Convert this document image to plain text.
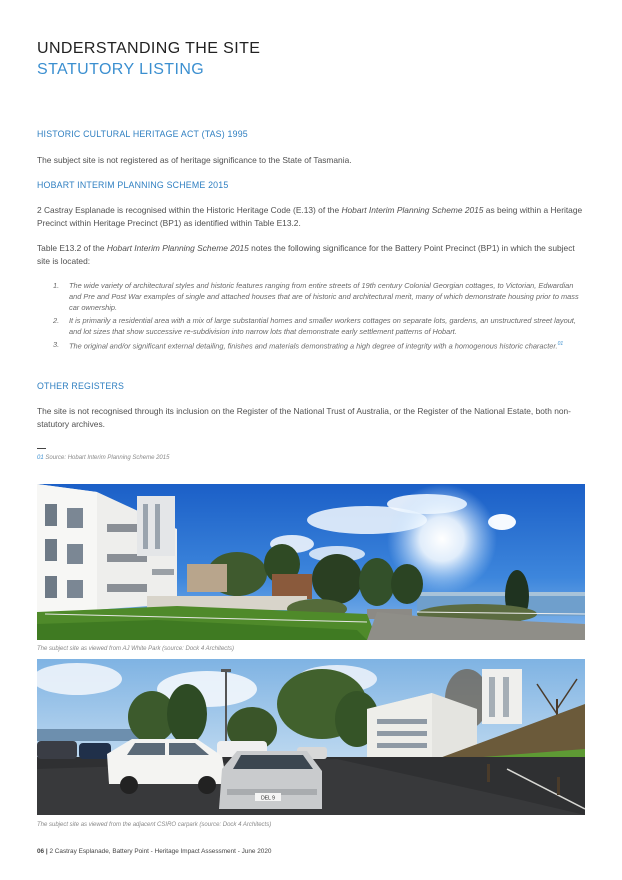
UNDERSTANDING THE SITE
STATUTORY LISTING
HISTORIC CULTURAL HERITAGE ACT (TAS) 1995
The subject site is not registered as of heritage significance to the State of Tasmania.
HOBART INTERIM PLANNING SCHEME 2015
2 Castray Esplanade is recognised within the Historic Heritage Code (E.13) of the Hobart Interim Planning Scheme 2015 as being within a Heritage Precinct within Heritage Precinct (BP1) as identified within Table E13.2.
Table E13.2 of the Hobart Interim Planning Scheme 2015 notes the following significance for the Battery Point Precinct (BP1) in which the subject site is located:
1. The wide variety of architectural styles and historic features ranging from entire streets of 19th century Colonial Georgian cottages, to Victorian, Edwardian and Pre and Post War examples of single and attached houses that are of historic and architectural merit, many of which demonstrate housing prior to mass car ownership.
2. It is primarily a residential area with a mix of large substantial homes and smaller workers cottages on separate lots, gardens, an unstructured street layout, and lot sizes that show successive re-subdivision into narrow lots that demonstrate early settlement patterns of Hobart.
3. The original and/or significant external detailing, finishes and materials demonstrating a high degree of integrity with a homogenous historic character.$^{01}$
OTHER REGISTERS
The site is not recognised through its inclusion on the Register of the National Trust of Australia, or the Register of the National Estate, both non-statutory archives.
01 Source: Hobart Interim Planning Scheme 2015
The subject site as viewed from AJ White Park (source: Dock 4 Architects)
DEL 9
The subject site as viewed from the adjacent CSIRO carpark (source: Dock 4 Architects)
06 | 2 Castray Esplanade, Battery Point - Heritage Impact Assessment - June 2020
